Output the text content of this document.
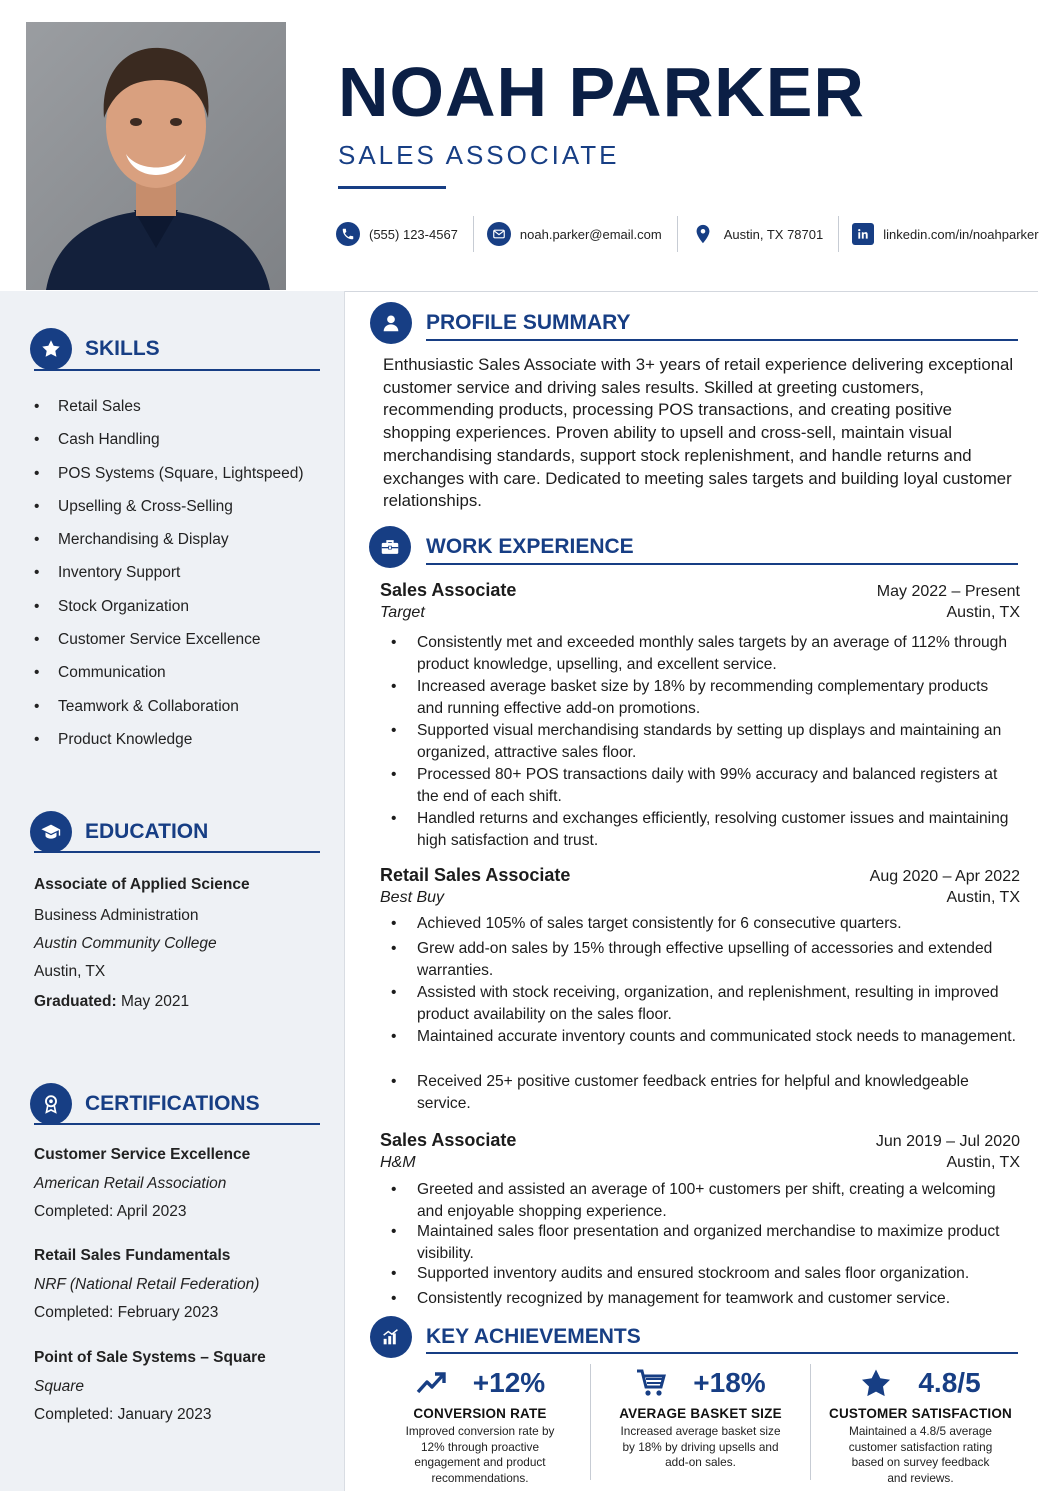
NOAH PARKER
SALES ASSOCIATE
(555) 123-4567	noah.parker@email.com	Austin, TX 78701	linkedin.com/in/noahparker
SKILLS
• Retail Sales
• Cash Handling
• POS Systems (Square, Lightspeed)
• Upselling & Cross-Selling
• Merchandising & Display
• Inventory Support
• Stock Organization
• Customer Service Excellence
• Communication
• Teamwork & Collaboration
• Product Knowledge
EDUCATION
Associate of Applied Science
Business Administration
Austin Community College
Austin, TX
Graduated: May 2021
CERTIFICATIONS
Customer Service Excellence
American Retail Association
Completed: April 2023
Retail Sales Fundamentals
NRF (National Retail Federation)
Completed: February 2023
Point of Sale Systems – Square
Square
Completed: January 2023
PROFILE SUMMARY
Enthusiastic Sales Associate with 3+ years of retail experience delivering exceptional customer service and driving sales results. Skilled at greeting customers, recommending products, processing POS transactions, and creating positive shopping experiences. Proven ability to upsell and cross-sell, maintain visual merchandising standards, support stock replenishment, and handle returns and exchanges with care. Dedicated to meeting sales targets and building loyal customer relationships.
WORK EXPERIENCE
Sales Associate	May 2022 – Present
Target	Austin, TX
• Consistently met and exceeded monthly sales targets by an average of 112% through product knowledge, upselling, and excellent service.
• Increased average basket size by 18% by recommending complementary products and running effective add-on promotions.
• Supported visual merchandising standards by setting up displays and maintaining an organized, attractive sales floor.
• Processed 80+ POS transactions daily with 99% accuracy and balanced registers at the end of each shift.
• Handled returns and exchanges efficiently, resolving customer issues and maintaining high satisfaction and trust.
Retail Sales Associate	Aug 2020 – Apr 2022
Best Buy	Austin, TX
• Achieved 105% of sales target consistently for 6 consecutive quarters.
• Grew add-on sales by 15% through effective upselling of accessories and extended warranties.
• Assisted with stock receiving, organization, and replenishment, resulting in improved product availability on the sales floor.
• Maintained accurate inventory counts and communicated stock needs to management.
• Received 25+ positive customer feedback entries for helpful and knowledgeable service.
Sales Associate	Jun 2019 – Jul 2020
H&M	Austin, TX
• Greeted and assisted an average of 100+ customers per shift, creating a welcoming and enjoyable shopping experience.
• Maintained sales floor presentation and organized merchandise to maximize product visibility.
• Supported inventory audits and ensured stockroom and sales floor organization.
• Consistently recognized by management for teamwork and customer service.
KEY ACHIEVEMENTS
+12%
CONVERSION RATE
Improved conversion rate by 12% through proactive engagement and product recommendations.
+18%
AVERAGE BASKET SIZE
Increased average basket size by 18% by driving upsells and add-on sales.
4.8/5
CUSTOMER SATISFACTION
Maintained a 4.8/5 average customer satisfaction rating based on survey feedback and reviews.
